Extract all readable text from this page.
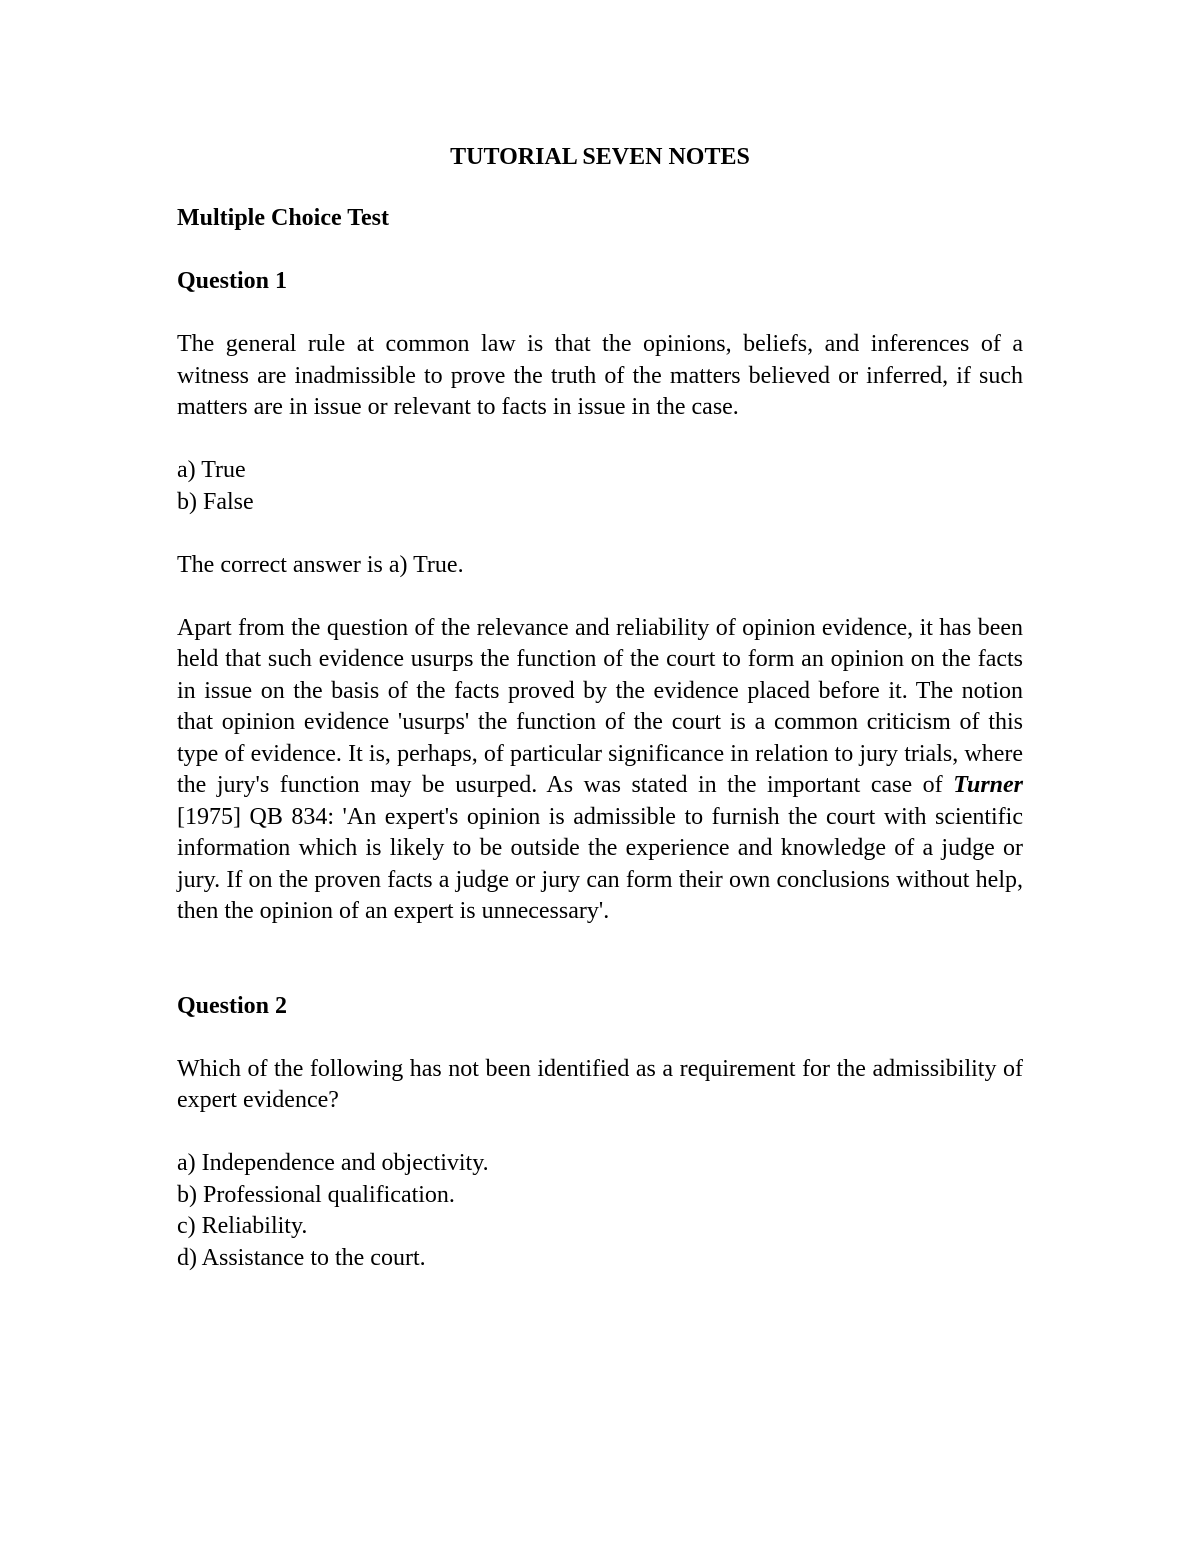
TUTORIAL SEVEN NOTES

Multiple Choice Test

Question 1

The general rule at common law is that the opinions, beliefs, and inferences of a witness are inadmissible to prove the truth of the matters believed or inferred, if such matters are in issue or relevant to facts in issue in the case.

a) True
b) False

The correct answer is a) True.

Apart from the question of the relevance and reliability of opinion evidence, it has been held that such evidence usurps the function of the court to form an opinion on the facts in issue on the basis of the facts proved by the evidence placed before it. The notion that opinion evidence 'usurps' the function of the court is a common criticism of this type of evidence. It is, perhaps, of particular significance in relation to jury trials, where the jury's function may be usurped. As was stated in the important case of Turner [1975] QB 834: 'An expert's opinion is admissible to furnish the court with scientific information which is likely to be outside the experience and knowledge of a judge or jury. If on the proven facts a judge or jury can form their own conclusions without help, then the opinion of an expert is unnecessary'.

Question 2

Which of the following has not been identified as a requirement for the admissibility of expert evidence?

a) Independence and objectivity.
b) Professional qualification.
c) Reliability.
d) Assistance to the court.
